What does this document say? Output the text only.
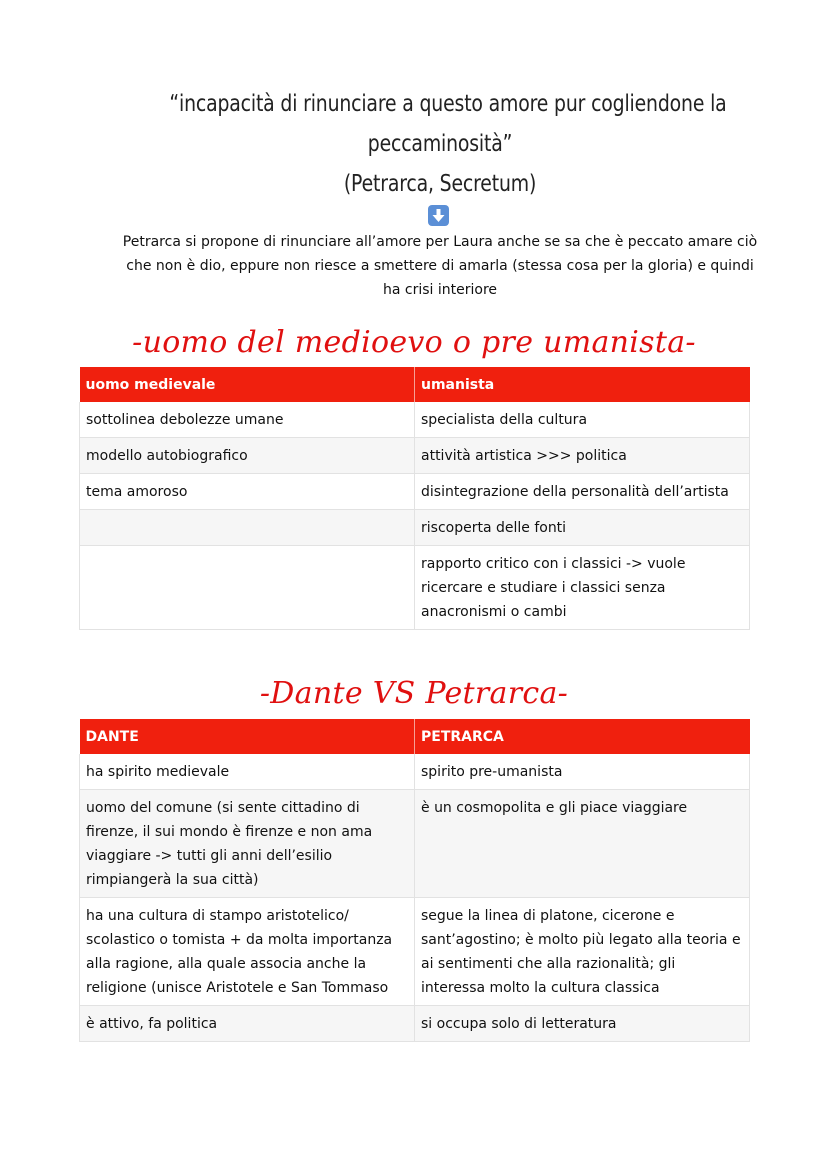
“incapacità di rinunciare a questo amore pur cogliendone la
peccaminosità”
(Petrarca, Secretum)
Petrarca si propone di rinunciare all’amore per Laura anche se sa che è peccato amare ciò che non è dio, eppure non riesce a smettere di amarla (stessa cosa per la gloria) e quindi ha crisi interiore
-uomo del medioevo o pre umanista-
uomo medievale	umanista
sottolinea debolezze umane	specialista della cultura
modello autobiografico	attività artistica >>> politica
tema amoroso	disintegrazione della personalità dell’artista
	riscoperta delle fonti
	rapporto critico con i classici -> vuole ricercare e studiare i classici senza anacronismi o cambi
-Dante VS Petrarca-
DANTE	PETRARCA
ha spirito medievale	spirito pre-umanista
uomo del comune (si sente cittadino di firenze, il sui mondo è firenze e non ama viaggiare -> tutti gli anni dell’esilio rimpiangerà la sua città)	è un cosmopolita e gli piace viaggiare
ha una cultura di stampo aristotelico/ scolastico o tomista + da molta importanza alla ragione, alla quale associa anche la religione (unisce Aristotele e San Tommaso	segue la linea di platone, cicerone e sant’agostino; è molto più legato alla teoria e ai sentimenti che alla razionalità; gli interessa molto la cultura classica
è attivo, fa politica	si occupa solo di letteratura
